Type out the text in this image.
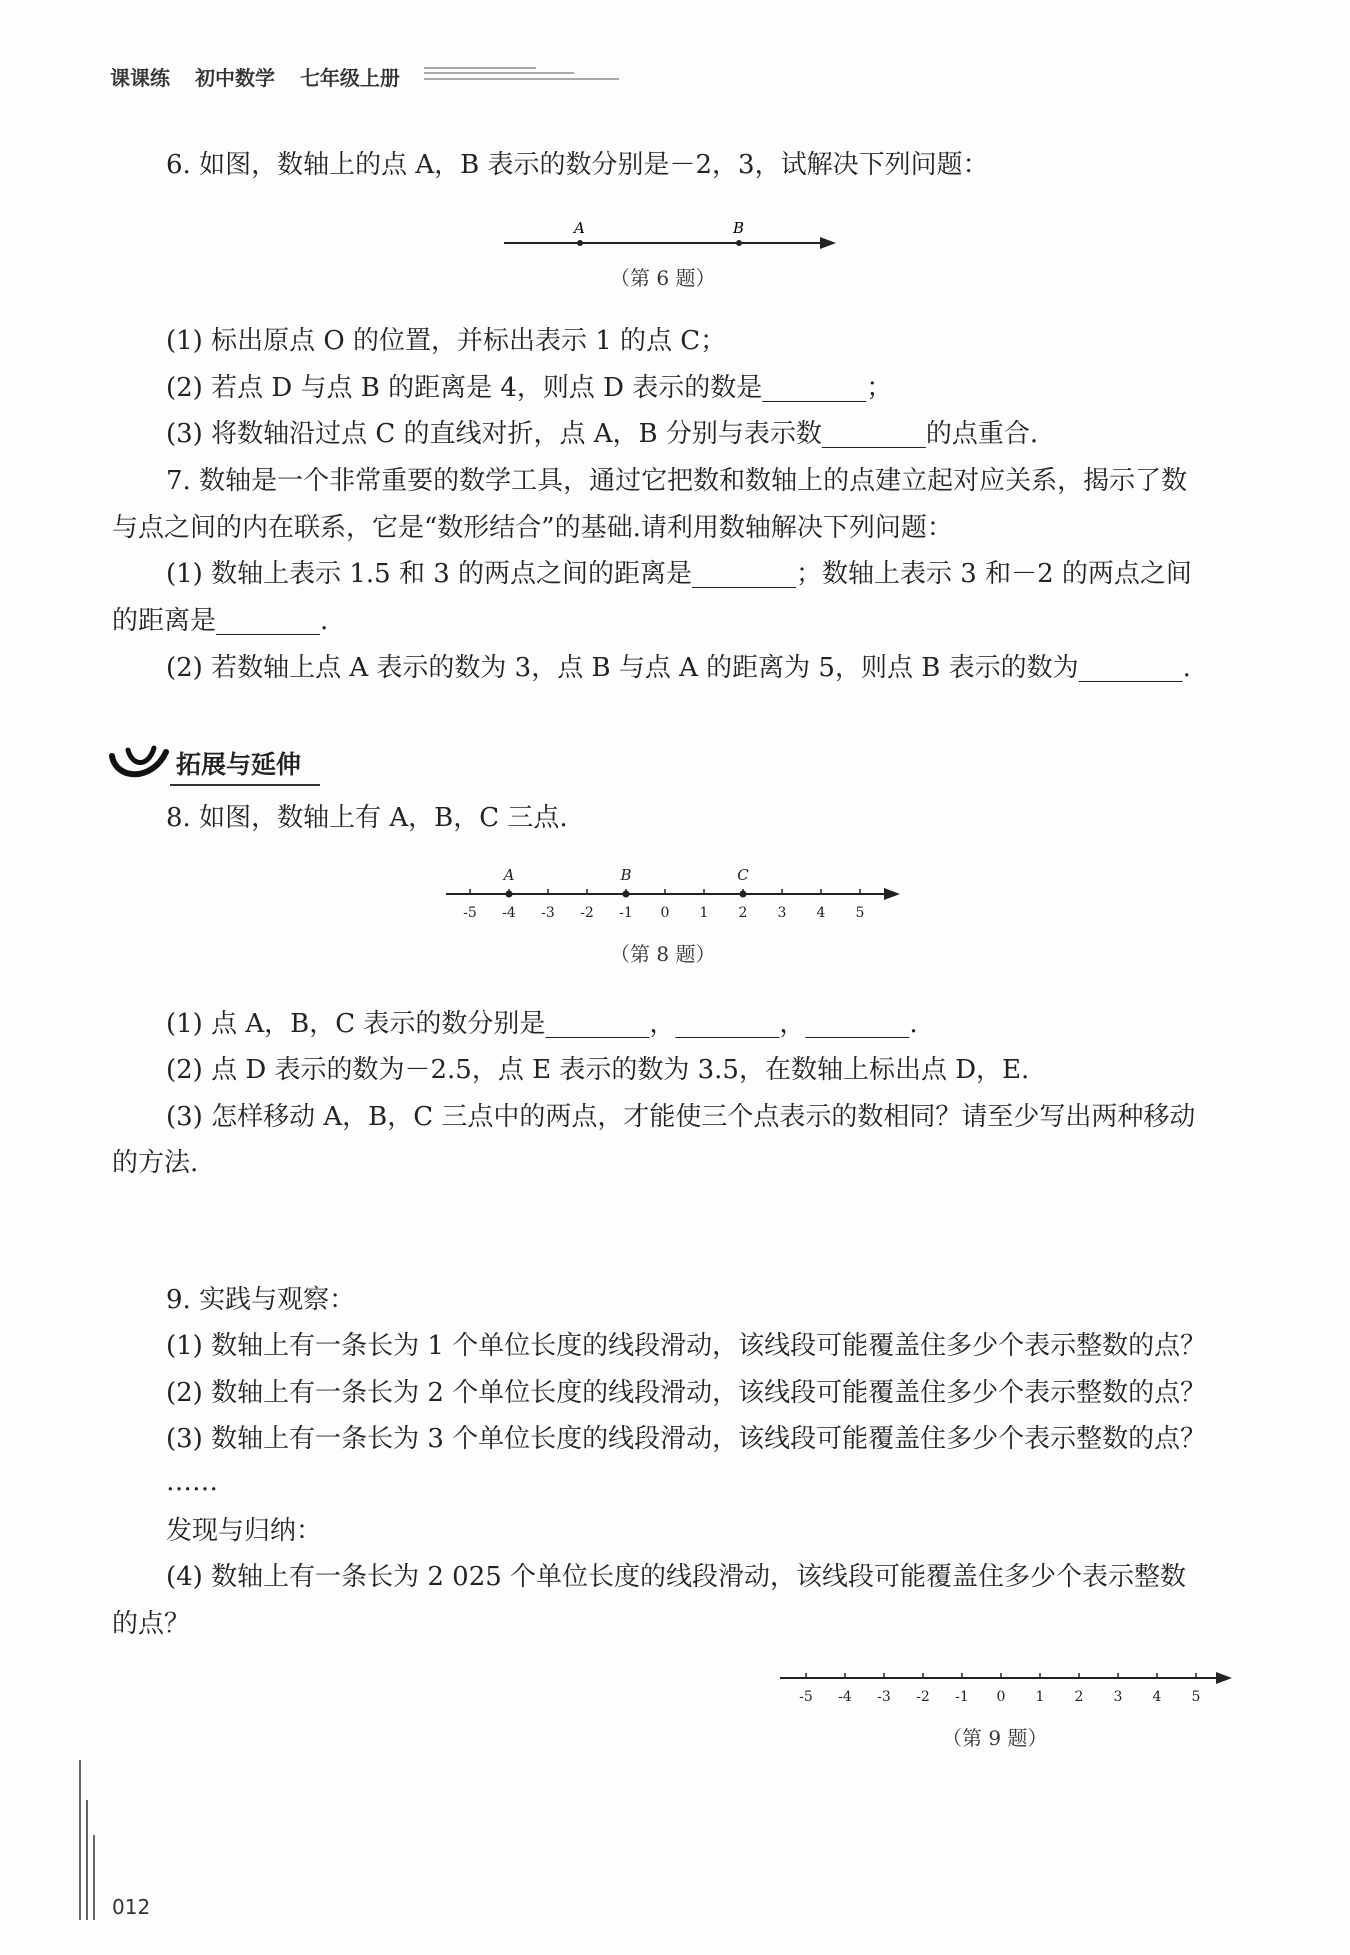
课课练 初中数学 七年级上册
6. 如图，数轴上的点 A，B 表示的数分别是－2，3，试解决下列问题：
A	B
（第 6 题）
(1) 标出原点 O 的位置，并标出表示 1 的点 C；
(2) 若点 D 与点 B 的距离是 4，则点 D 表示的数是________；
(3) 将数轴沿过点 C 的直线对折，点 A，B 分别与表示数________的点重合.
7. 数轴是一个非常重要的数学工具，通过它把数和数轴上的点建立起对应关系，揭示了数
与点之间的内在联系，它是“数形结合”的基础.请利用数轴解决下列问题：
(1) 数轴上表示 1.5 和 3 的两点之间的距离是________；数轴上表示 3 和－2 的两点之间
的距离是________.
(2) 若数轴上点 A 表示的数为 3，点 B 与点 A 的距离为 5，则点 B 表示的数为________.
拓展与延伸
8. 如图，数轴上有 A，B，C 三点.
-5 -4 -3 -2 -1 0 1 2 3 4 5
A	B	C
（第 8 题）
(1) 点 A，B，C 表示的数分别是________，________，________.
(2) 点 D 表示的数为－2.5，点 E 表示的数为 3.5，在数轴上标出点 D，E.
(3) 怎样移动 A，B，C 三点中的两点，才能使三个点表示的数相同？请至少写出两种移动
的方法.
9. 实践与观察：
(1) 数轴上有一条长为 1 个单位长度的线段滑动，该线段可能覆盖住多少个表示整数的点？
(2) 数轴上有一条长为 2 个单位长度的线段滑动，该线段可能覆盖住多少个表示整数的点？
(3) 数轴上有一条长为 3 个单位长度的线段滑动，该线段可能覆盖住多少个表示整数的点？
……
发现与归纳：
(4) 数轴上有一条长为 2 025 个单位长度的线段滑动，该线段可能覆盖住多少个表示整数
的点？
-5 -4 -3 -2 -1 0 1 2 3 4 5
（第 9 题）
012
